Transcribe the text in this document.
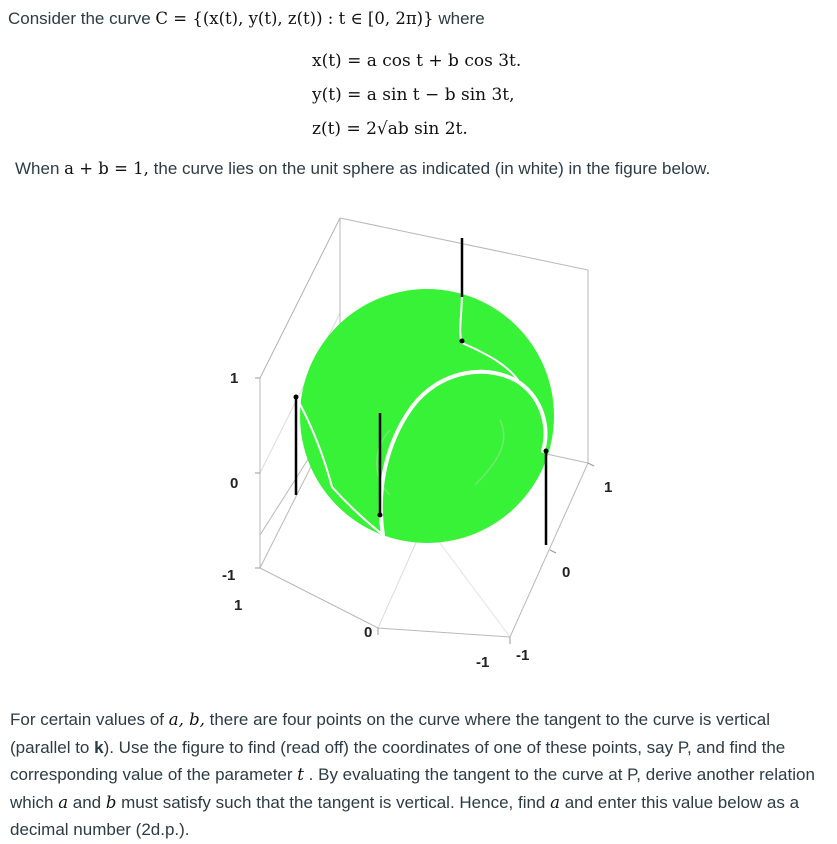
Consider the curve C = {(x(t), y(t), z(t)) : t ∈ [0, 2π)} where
x(t) = a cos t + b cos 3t.
y(t) = a sin t − b sin 3t,
z(t) = 2√ab sin 2t.
When a + b = 1, the curve lies on the unit sphere as indicated (in white) in the figure below.
1
0
-1
1
0
-1 -1
0
1
For certain values of a, b, there are four points on the curve where the tangent to the curve is vertical (parallel to k). Use the figure to find (read off) the coordinates of one of these points, say P, and find the corresponding value of the parameter t . By evaluating the tangent to the curve at P, derive another relation which a and b must satisfy such that the tangent is vertical. Hence, find a and enter this value below as a decimal number (2d.p.).
